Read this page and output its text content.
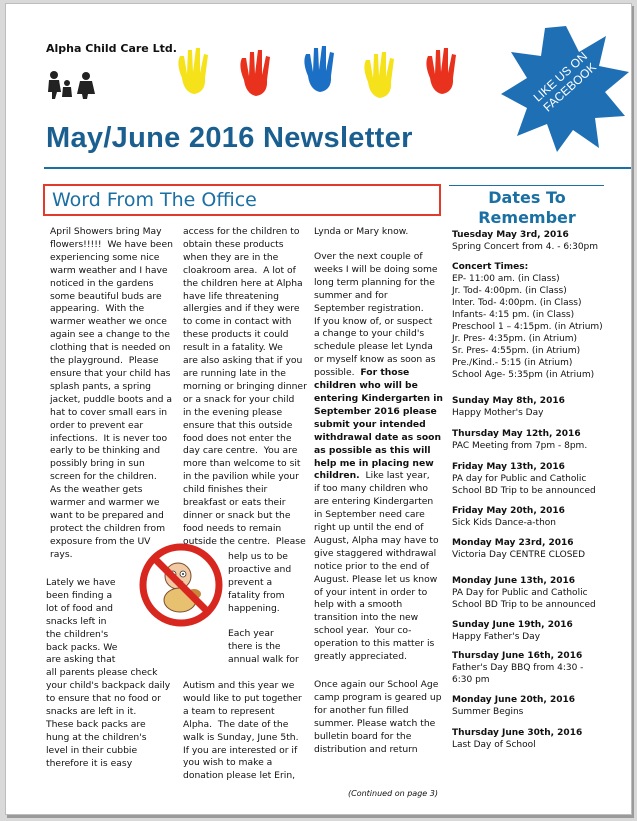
Alpha Child Care Ltd.
LIKE US ON FACEBOOK
May/June 2016 Newsletter
Word From The Office
April Showers bring May
flowers!!!!!  We have been
experiencing some nice
warm weather and I have
noticed in the gardens
some beautiful buds are
appearing.  With the
warmer weather we once
again see a change to the
clothing that is needed on
the playground.  Please
ensure that your child has
splash pants, a spring
jacket, puddle boots and a
hat to cover small ears in
order to prevent ear
infections.  It is never too
early to be thinking and
possibly bring in sun
screen for the children.
As the weather gets
warmer and warmer we
want to be prepared and
protect the children from
exposure from the UV
rays.
Lately we have
been finding a
lot of food and
snacks left in
the children's
back packs. We
are asking that
all parents please check
your child's backpack daily
to ensure that no food or
snacks are left in it.
These back packs are
hung at the children's
level in their cubbie
therefore it is easy
access for the children to
obtain these products
when they are in the
cloakroom area.  A lot of
the children here at Alpha
have life threatening
allergies and if they were
to come in contact with
these products it could
result in a fatality. We
are also asking that if you
are running late in the
morning or bringing dinner
or a snack for your child
in the evening please
ensure that this outside
food does not enter the
day care centre.  You are
more than welcome to sit
in the pavilion while your
child finishes their
breakfast or eats their
dinner or snack but the
food needs to remain
outside the centre.  Please
help us to be
proactive and
prevent a
fatality from
happening.

Each year
there is the
annual walk for
Autism and this year we
would like to put together
a team to represent
Alpha.  The date of the
walk is Sunday, June 5th.
If you are interested or if
you wish to make a
donation please let Erin,
Lynda or Mary know.
Over the next couple of
weeks I will be doing some
long term planning for the
summer and for
September registration.
If you know of, or suspect
a change to your child's
schedule please let Lynda
or myself know as soon as
possible.  For those
children who will be
entering Kindergarten in
September 2016 please
submit your intended
withdrawal date as soon
as possible as this will
help me in placing new
children.  Like last year,
if too many children who
are entering Kindergarten
in September need care
right up until the end of
August, Alpha may have to
give staggered withdrawal
notice prior to the end of
August. Please let us know
of your intent in order to
help with a smooth
transition into the new
school year.  Your co-
operation to this matter is
greatly appreciated.
Once again our School Age
camp program is geared up
for another fun filled
summer. Please watch the
bulletin board for the
distribution and return
(Continued on page 3)
Dates To Remember
Tuesday May 3rd, 2016
Spring Concert from 4. - 6:30pm
Concert Times:
EP- 11:00 am. (in Class)
Jr. Tod- 4:00pm. (in Class)
Inter. Tod- 4:00pm. (in Class)
Infants- 4:15 pm. (in Class)
Preschool 1 – 4:15pm. (in Atrium)
Jr. Pres- 4:35pm. (in Atrium)
Sr. Pres- 4:55pm. (in Atrium)
Pre./Kind.- 5:15 (in Atrium)
School Age- 5:35pm (in Atrium)
Sunday May 8th, 2016
Happy Mother's Day
Thursday May 12th, 2016
PAC Meeting from 7pm - 8pm.
Friday May 13th, 2016
PA day for Public and Catholic
School BD Trip to be announced
Friday May 20th, 2016
Sick Kids Dance-a-thon
Monday May 23rd, 2016
Victoria Day CENTRE CLOSED
Monday June 13th, 2016
PA Day for Public and Catholic
School BD Trip to be announced
Sunday June 19th, 2016
Happy Father's Day
Thursday June 16th, 2016
Father's Day BBQ from 4:30 -
6:30 pm
Monday June 20th, 2016
Summer Begins
Thursday June 30th, 2016
Last Day of School
